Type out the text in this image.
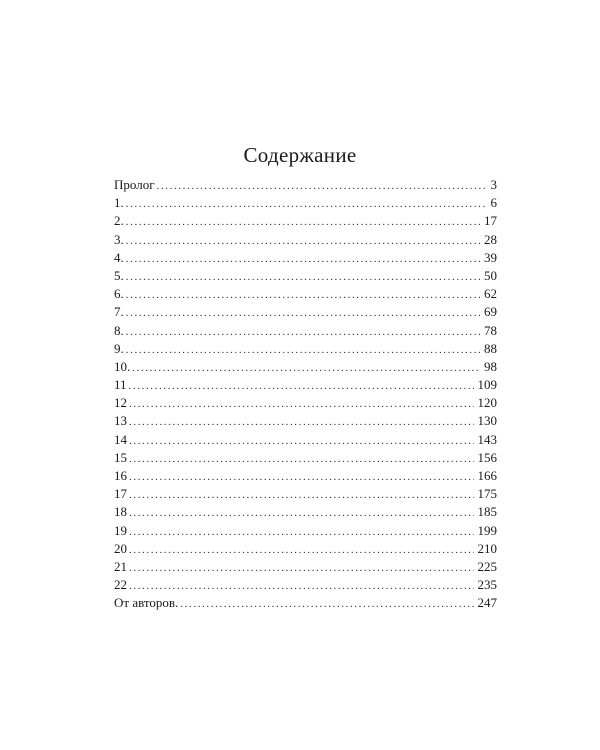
Содержание
Пролог .....	3
1. .....	6
2. .....	17
3. .....	28
4. .....	39
5. .....	50
6. .....	62
7. .....	69
8. .....	78
9. .....	88
10. .....	98
11 .....	109
12 .....	120
13 .....	130
14 .....	143
15 .....	156
16 .....	166
17 .....	175
18 .....	185
19 .....	199
20 .....	210
21 .....	225
22 .....	235
От авторов. .....	247
